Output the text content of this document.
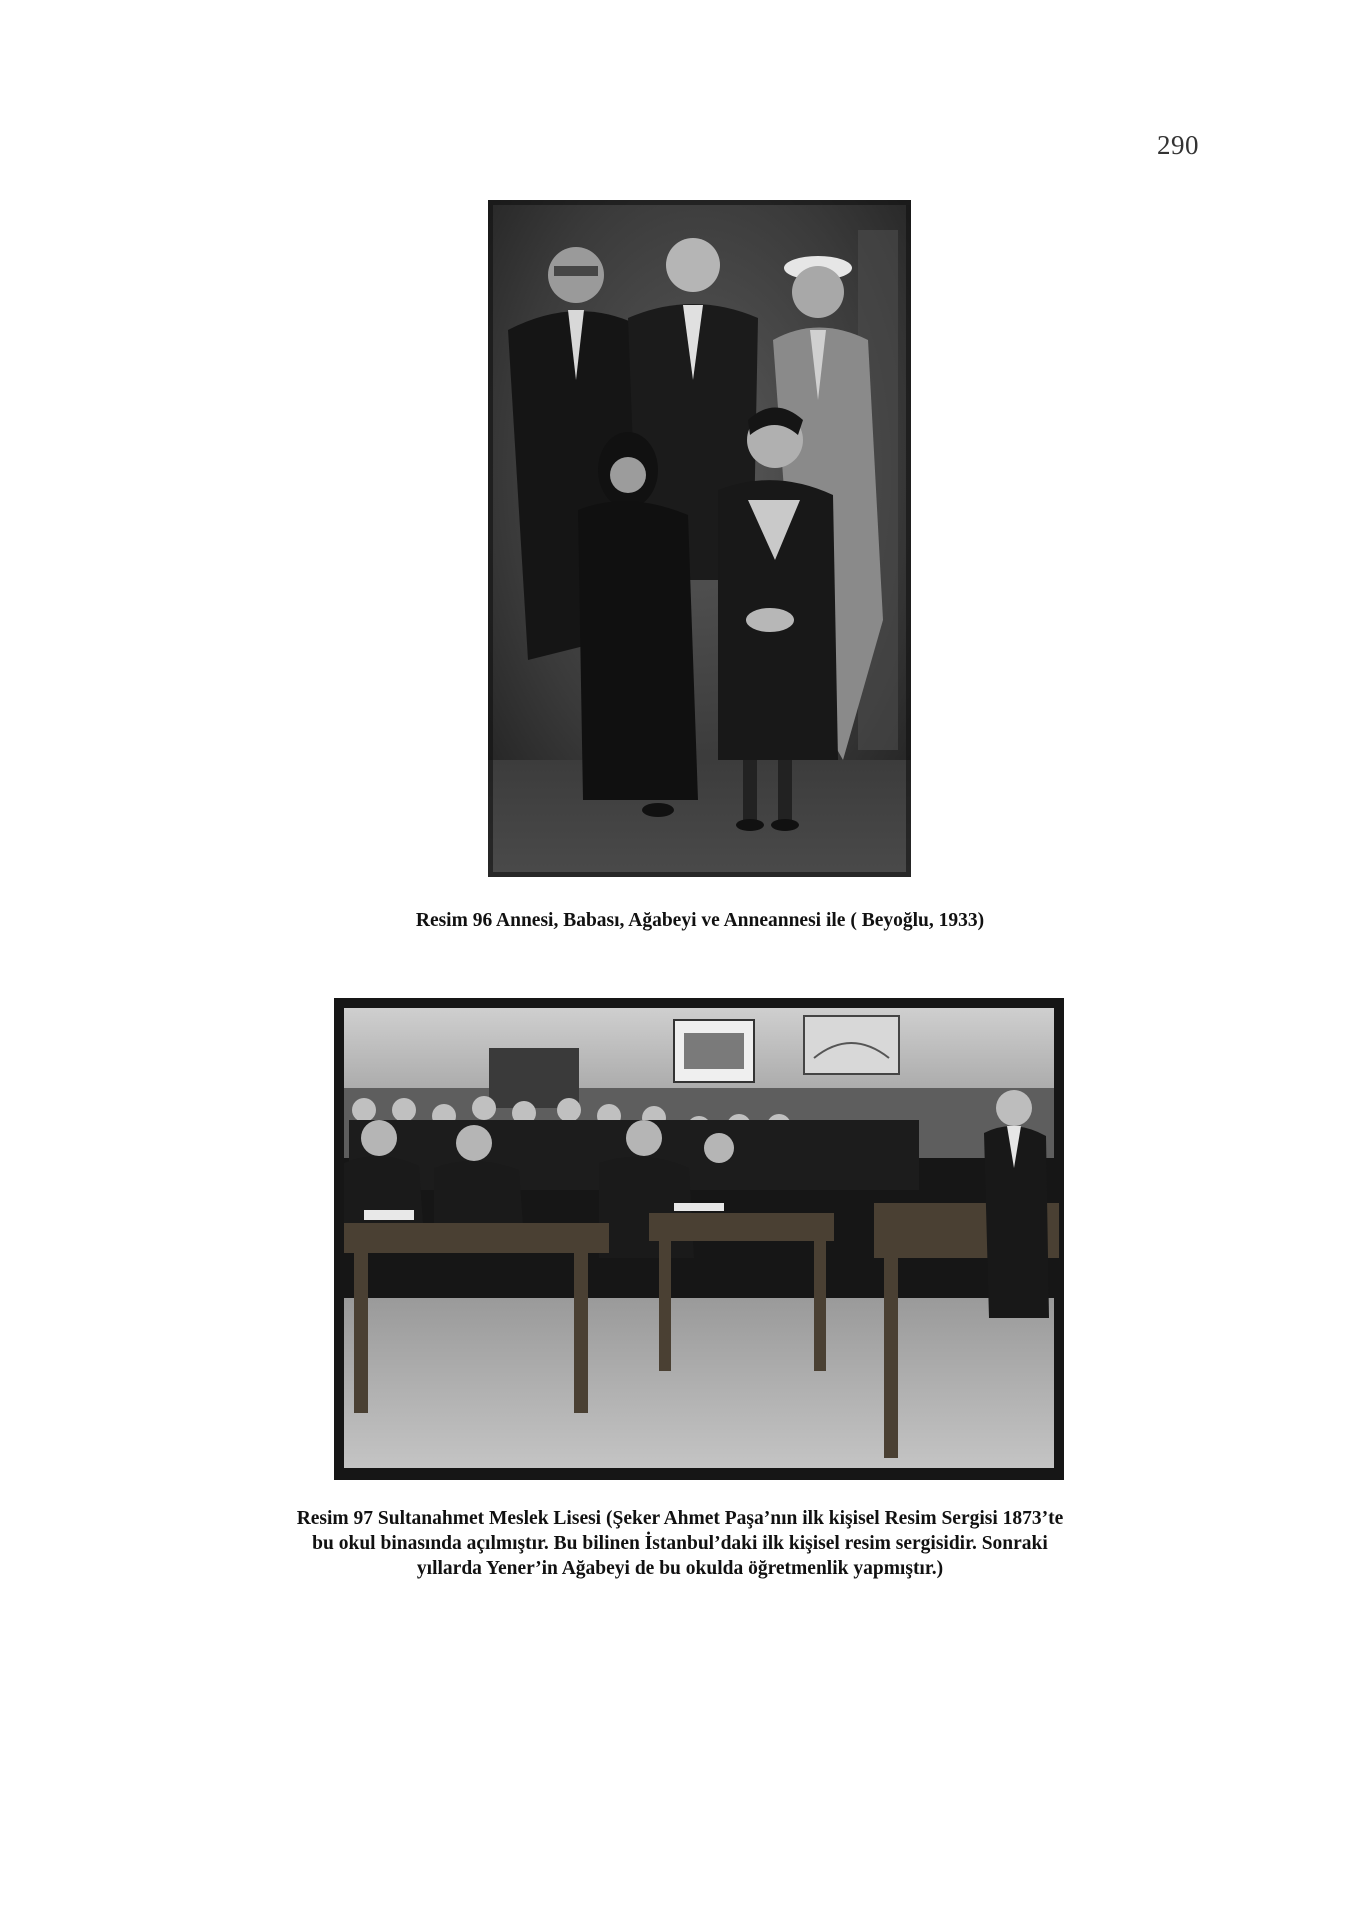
290
Resim 96 Annesi, Babası, Ağabeyi ve Anneannesi ile ( Beyoğlu, 1933)
Resim 97 Sultanahmet Meslek Lisesi (Şeker Ahmet Paşa’nın ilk kişisel Resim Sergisi 1873’te
bu okul binasında açılmıştır. Bu bilinen İstanbul’daki ilk kişisel resim sergisidir. Sonraki
yıllarda Yener’in Ağabeyi de bu okulda öğretmenlik yapmıştır.)
